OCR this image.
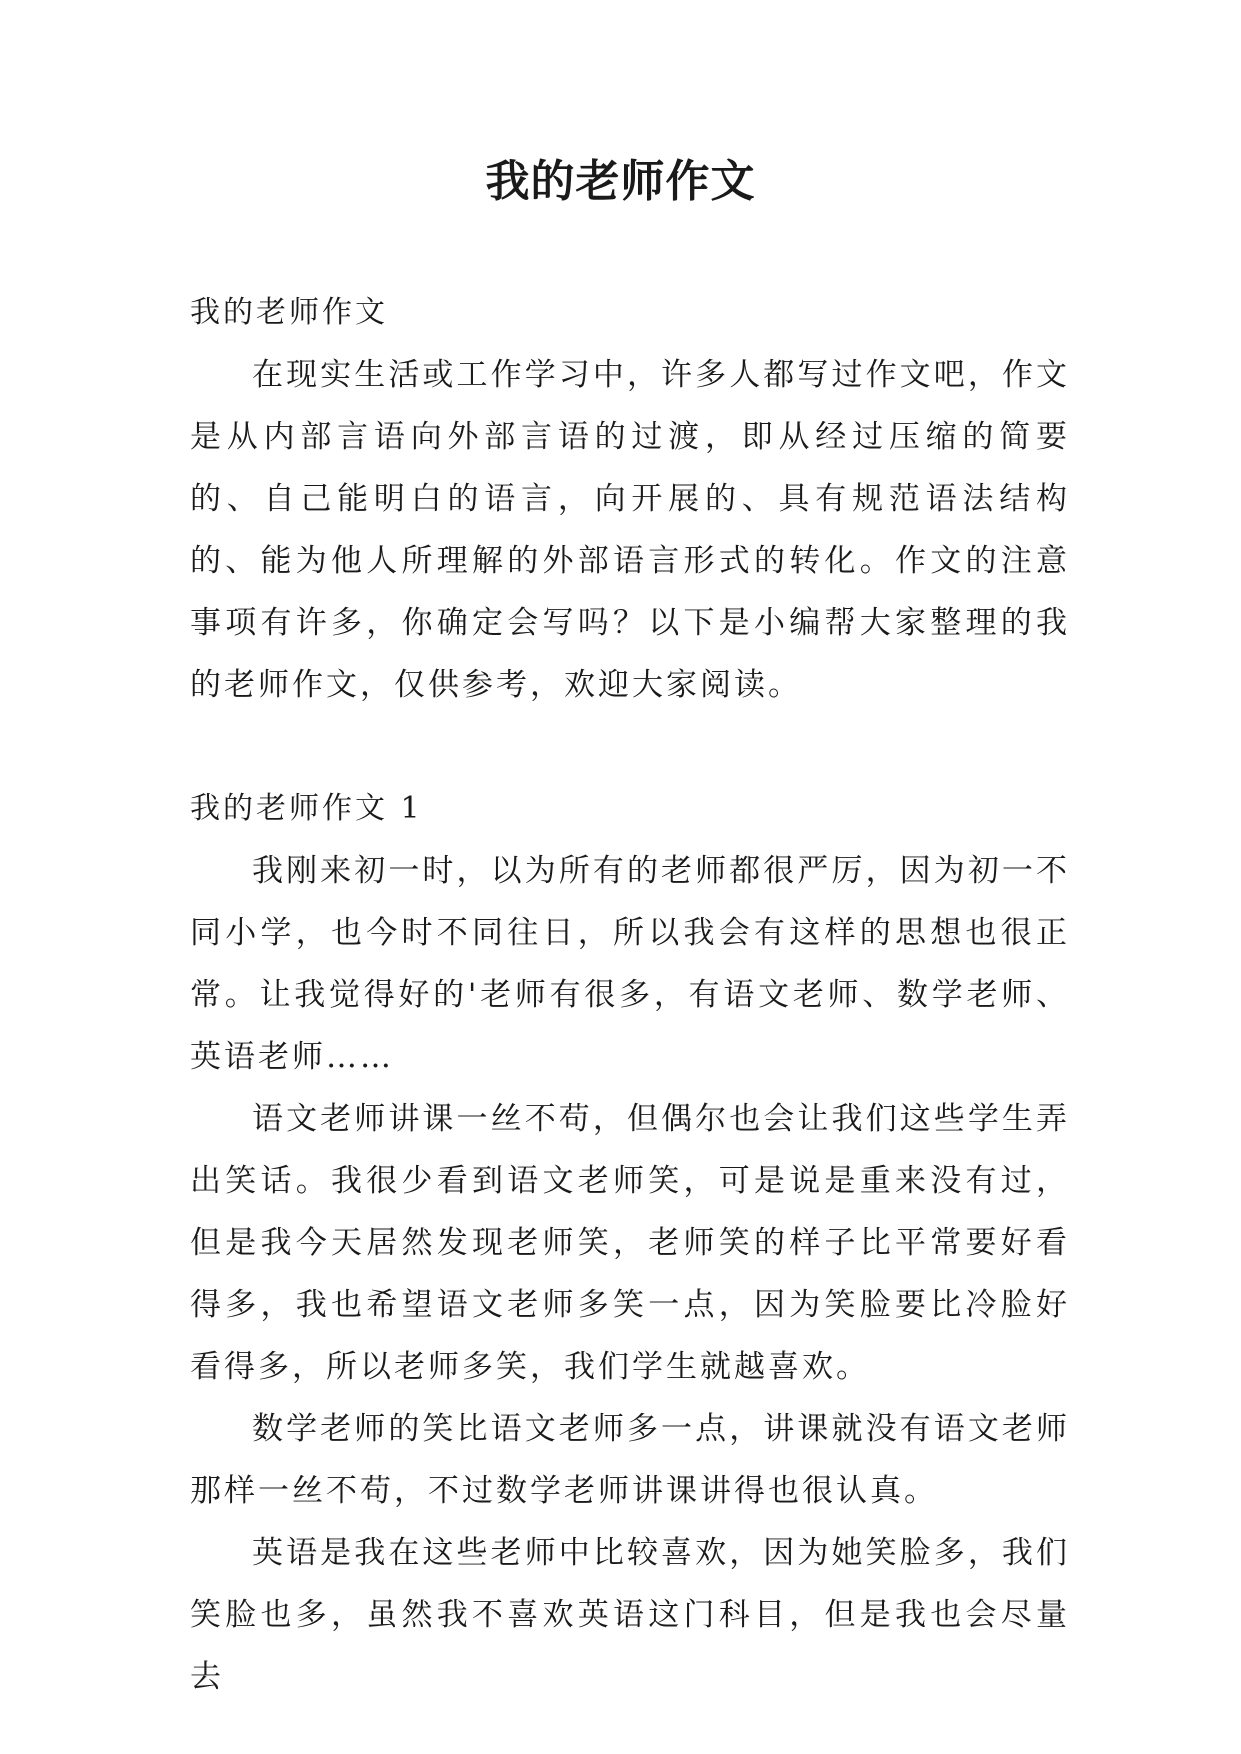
我的老师作文

我的老师作文

在现实生活或工作学习中，许多人都写过作文吧，作文是从内部言语向外部言语的过渡，即从经过压缩的简要的、自己能明白的语言，向开展的、具有规范语法结构的、能为他人所理解的外部语言形式的转化。作文的注意事项有许多，你确定会写吗？以下是小编帮大家整理的我的老师作文，仅供参考，欢迎大家阅读。

我的老师作文 1

我刚来初一时，以为所有的老师都很严厉，因为初一不同小学，也今时不同往日，所以我会有这样的思想也很正常。让我觉得好的'老师有很多，有语文老师、数学老师、英语老师……

语文老师讲课一丝不苟，但偶尔也会让我们这些学生弄出笑话。我很少看到语文老师笑，可是说是重来没有过，但是我今天居然发现老师笑，老师笑的样子比平常要好看得多，我也希望语文老师多笑一点，因为笑脸要比冷脸好看得多，所以老师多笑，我们学生就越喜欢。

数学老师的笑比语文老师多一点，讲课就没有语文老师那样一丝不苟，不过数学老师讲课讲得也很认真。

英语是我在这些老师中比较喜欢，因为她笑脸多，我们笑脸也多，虽然我不喜欢英语这门科目，但是我也会尽量去
